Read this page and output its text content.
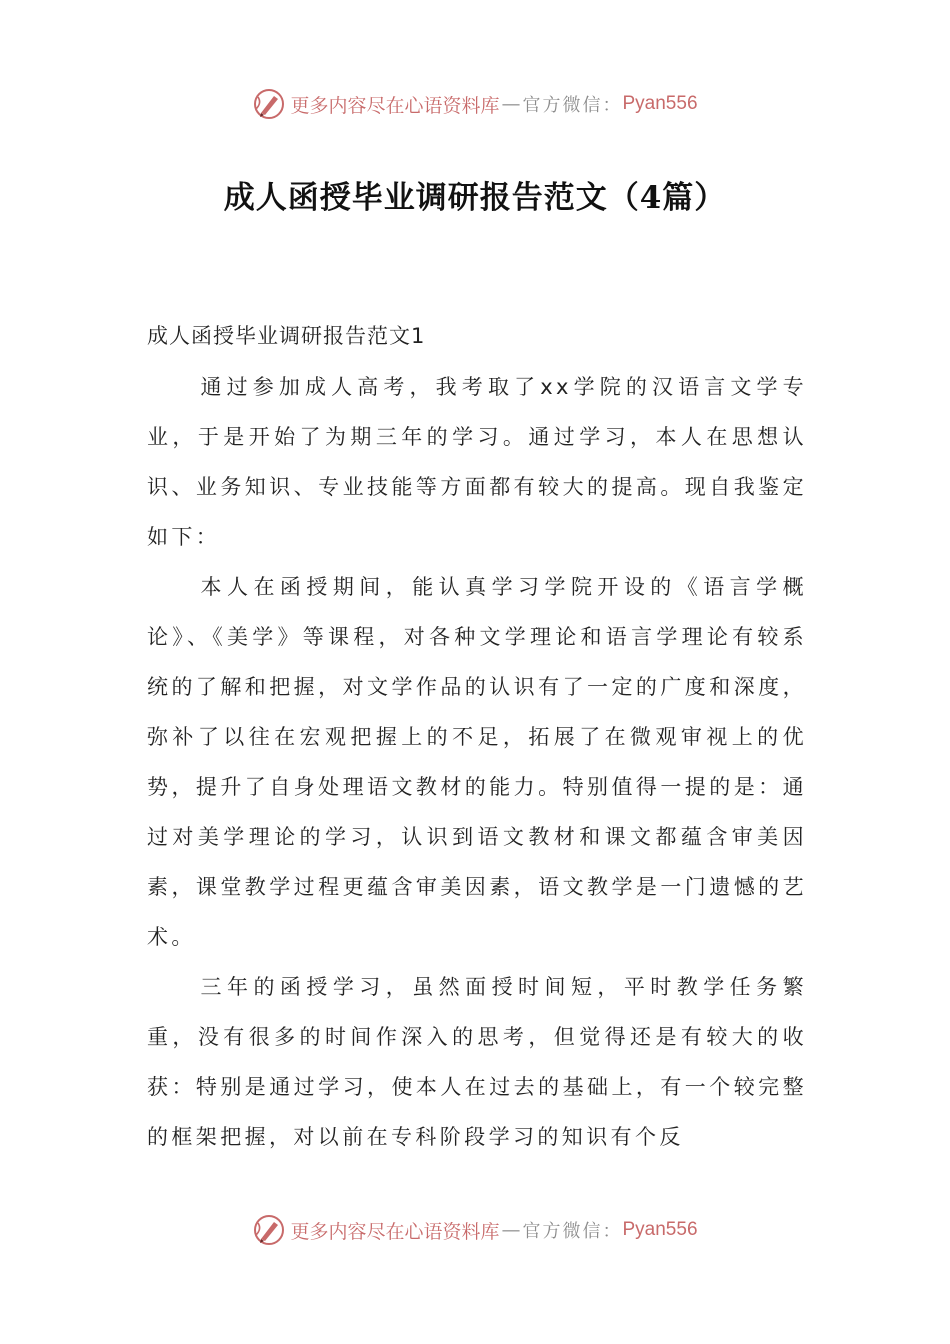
更多内容尽在心语资料库 — 官方微信： Pyan556
成人函授毕业调研报告范文（4篇）
成人函授毕业调研报告范文1

通过参加成人高考，我考取了xx学院的汉语言文学专业，于是开始了为期三年的学习。通过学习，本人在思想认识、业务知识、专业技能等方面都有较大的提高。现自我鉴定如下：

本人在函授期间，能认真学习学院开设的《语言学概论》、《美学》等课程，对各种文学理论和语言学理论有较系统的了解和把握，对文学作品的认识有了一定的广度和深度，弥补了以往在宏观把握上的不足，拓展了在微观审视上的优势，提升了自身处理语文教材的能力。特别值得一提的是：通过对美学理论的学习，认识到语文教材和课文都蕴含审美因素，课堂教学过程更蕴含审美因素，语文教学是一门遗憾的艺术。

三年的函授学习，虽然面授时间短，平时教学任务繁重，没有很多的时间作深入的思考，但觉得还是有较大的收获：特别是通过学习，使本人在过去的基础上，有一个较完整的框架把握，对以前在专科阶段学习的知识有个反

更多内容尽在心语资料库 — 官方微信： Pyan556
